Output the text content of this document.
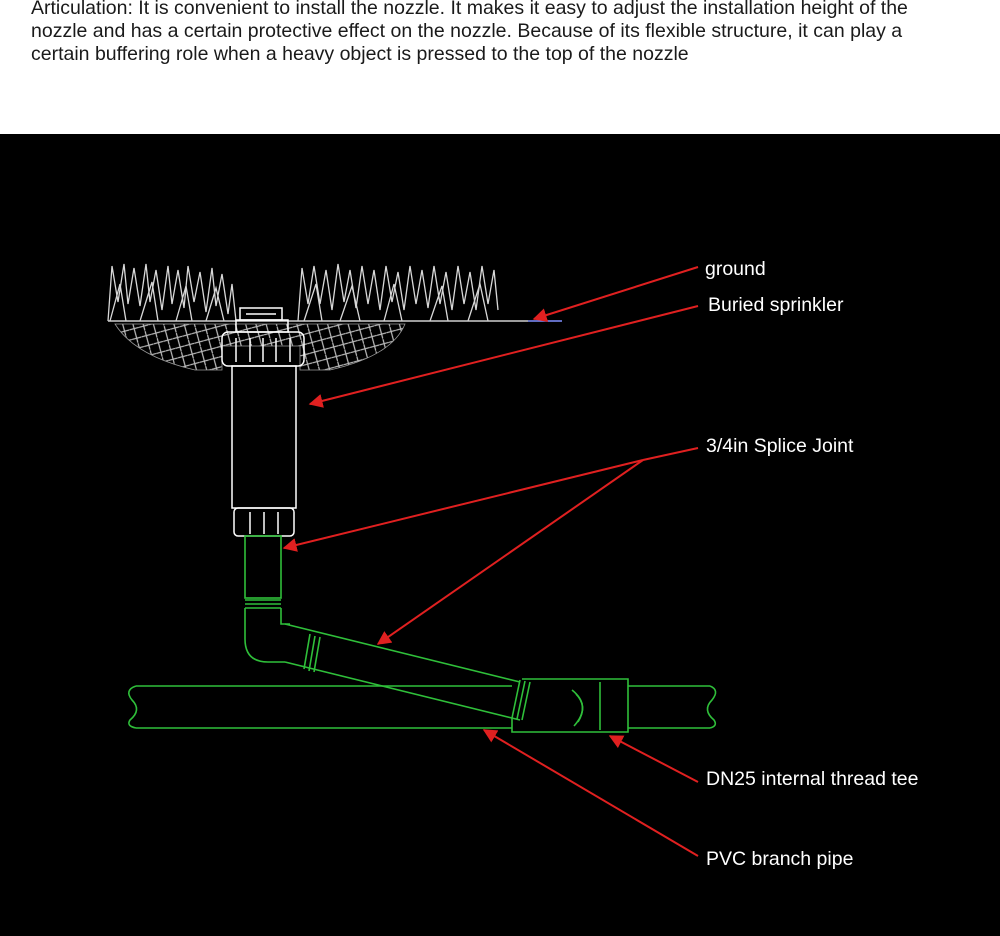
Articulation: It is convenient to install the nozzle. It makes it easy to adjust the installation height of the nozzle and has a certain protective effect on the nozzle. Because of its flexible structure, it can play a certain buffering role when a heavy object is pressed to the top of the nozzle

ground
Buried sprinkler
3/4in Splice Joint
DN25 internal thread tee
PVC branch pipe
